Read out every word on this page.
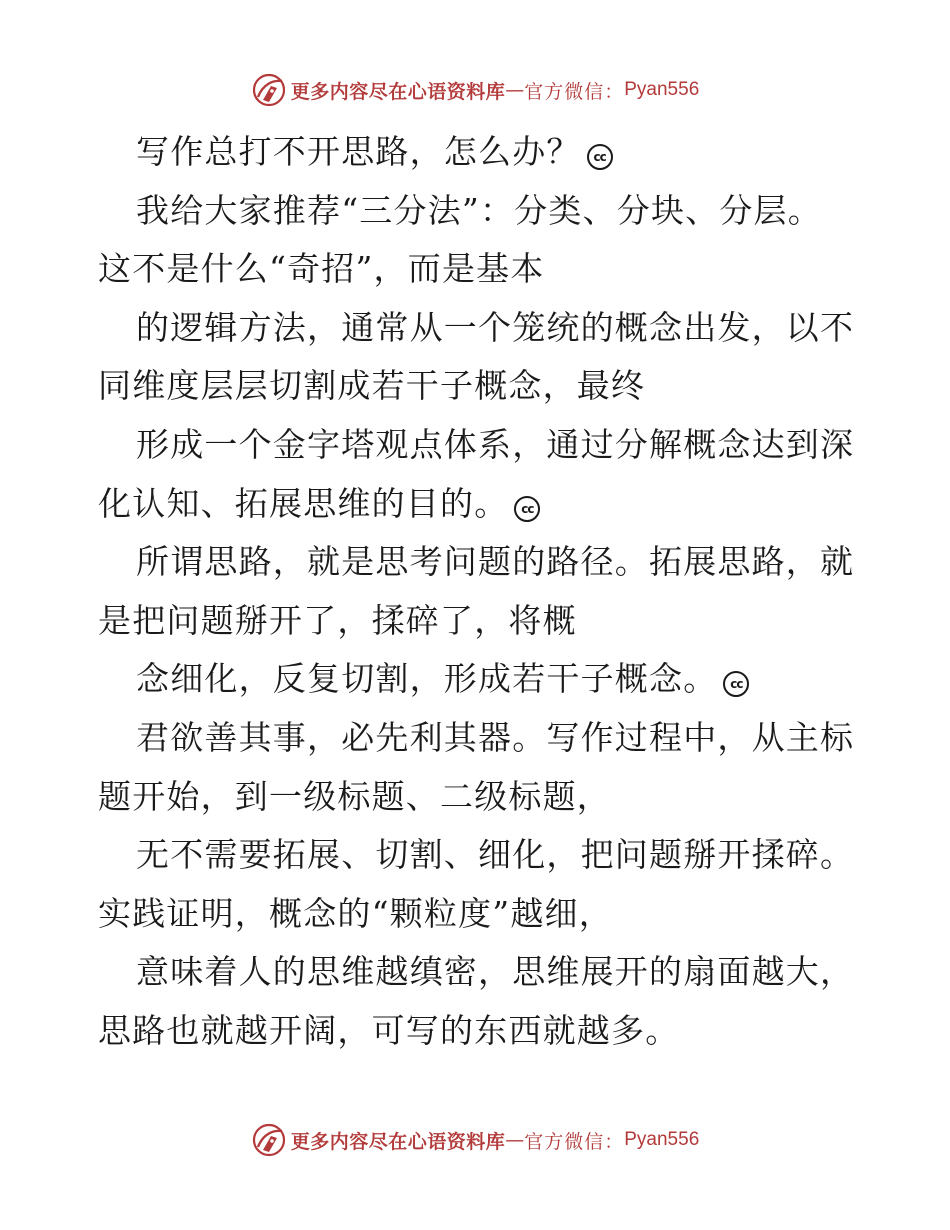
更多内容尽在心语资料库 — 官方微信： Pyan556
写作总打不开思路，怎么办？ cc
我给大家推荐“三分法”：分类、分块、分层。
这不是什么“奇招”，而是基本
的逻辑方法，通常从一个笼统的概念出发，以不
同维度层层切割成若干子概念，最终
形成一个金字塔观点体系，通过分解概念达到深
化认知、拓展思维的目的。 cc
所谓思路，就是思考问题的路径。拓展思路，就
是把问题掰开了，揉碎了，将概
念细化，反复切割，形成若干子概念。 cc
君欲善其事，必先利其器。写作过程中，从主标
题开始，到一级标题、二级标题，
无不需要拓展、切割、细化，把问题掰开揉碎。
实践证明，概念的“颗粒度”越细，
意味着人的思维越缜密，思维展开的扇面越大，
思路也就越开阔，可写的东西就越多。
更多内容尽在心语资料库 — 官方微信： Pyan556
